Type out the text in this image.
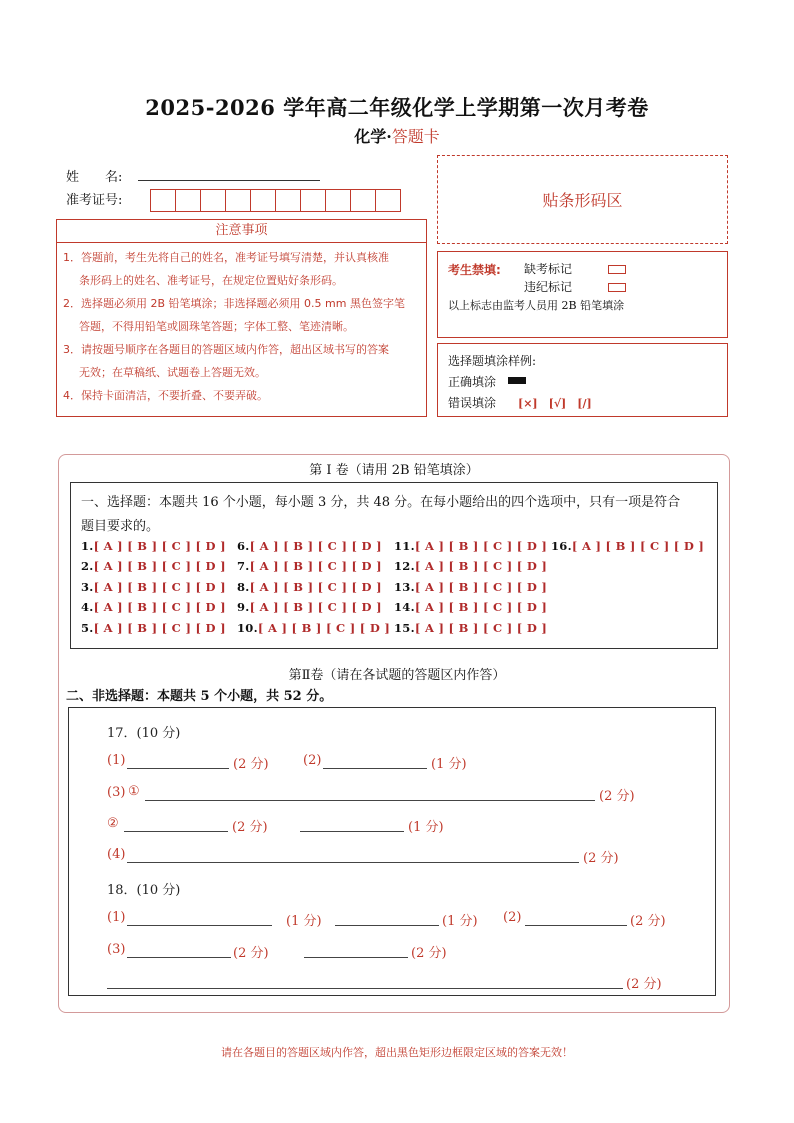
2025-2026 学年高二年级化学上学期第一次月考卷
化学·答题卡
姓　　名:
准考证号:	贴条形码区
注意事项

1．答题前，考生先将自己的姓名，准考证号填写清楚，并认真核准

条形码上的姓名、准考证号，在规定位置贴好条形码。

2．选择题必须用 2B 铅笔填涂；非选择题必须用 0.5 mm 黑色签字笔

答题，不得用铅笔或圆珠笔答题；字体工整、笔迹清晰。

3．请按题号顺序在各题目的答题区域内作答，超出区域书写的答案

无效；在草稿纸、试题卷上答题无效。

4．保持卡面清洁，不要折叠、不要弄破。

考生禁填: 缺考标记
违纪标记
以上标志由监考人员用 2B 铅笔填涂
选择题填涂样例:
正确填涂
错误填涂 [×]　[√]　[/]
第 I 卷（请用 2B 铅笔填涂）
一、选择题：本题共 16 个小题，每小题 3 分，共 48 分。在每小题给出的四个选项中，只有一项是符合
题目要求的。
1.[ A ] [ B ] [ C ] [ D ]
2.[ A ] [ B ] [ C ] [ D ]
3.[ A ] [ B ] [ C ] [ D ]
4.[ A ] [ B ] [ C ] [ D ]
5.[ A ] [ B ] [ C ] [ D ]
6.[ A ] [ B ] [ C ] [ D ]
7.[ A ] [ B ] [ C ] [ D ]
8.[ A ] [ B ] [ C ] [ D ]
9.[ A ] [ B ] [ C ] [ D ]
10.[ A ] [ B ] [ C ] [ D ]
11.[ A ] [ B ] [ C ] [ D ]
12.[ A ] [ B ] [ C ] [ D ]
13.[ A ] [ B ] [ C ] [ D ]
14.[ A ] [ B ] [ C ] [ D ]
15.[ A ] [ B ] [ C ] [ D ]
16.[ A ] [ B ] [ C ] [ D ]
第Ⅱ卷（请在各试题的答题区内作答）
二、非选择题：本题共 5 个小题，共 52 分。
17．(10 分)
(1)	(2 分)	(2)	(1 分)
(3) ①	(2 分)
②	(2 分)	(1 分)
(4)	(2 分)
18．(10 分)
(1)	(1 分)	(1 分) (2)	(2 分)
(3)	(2 分)	(2 分)
(2 分)
请在各题目的答题区域内作答，超出黑色矩形边框限定区域的答案无效！
